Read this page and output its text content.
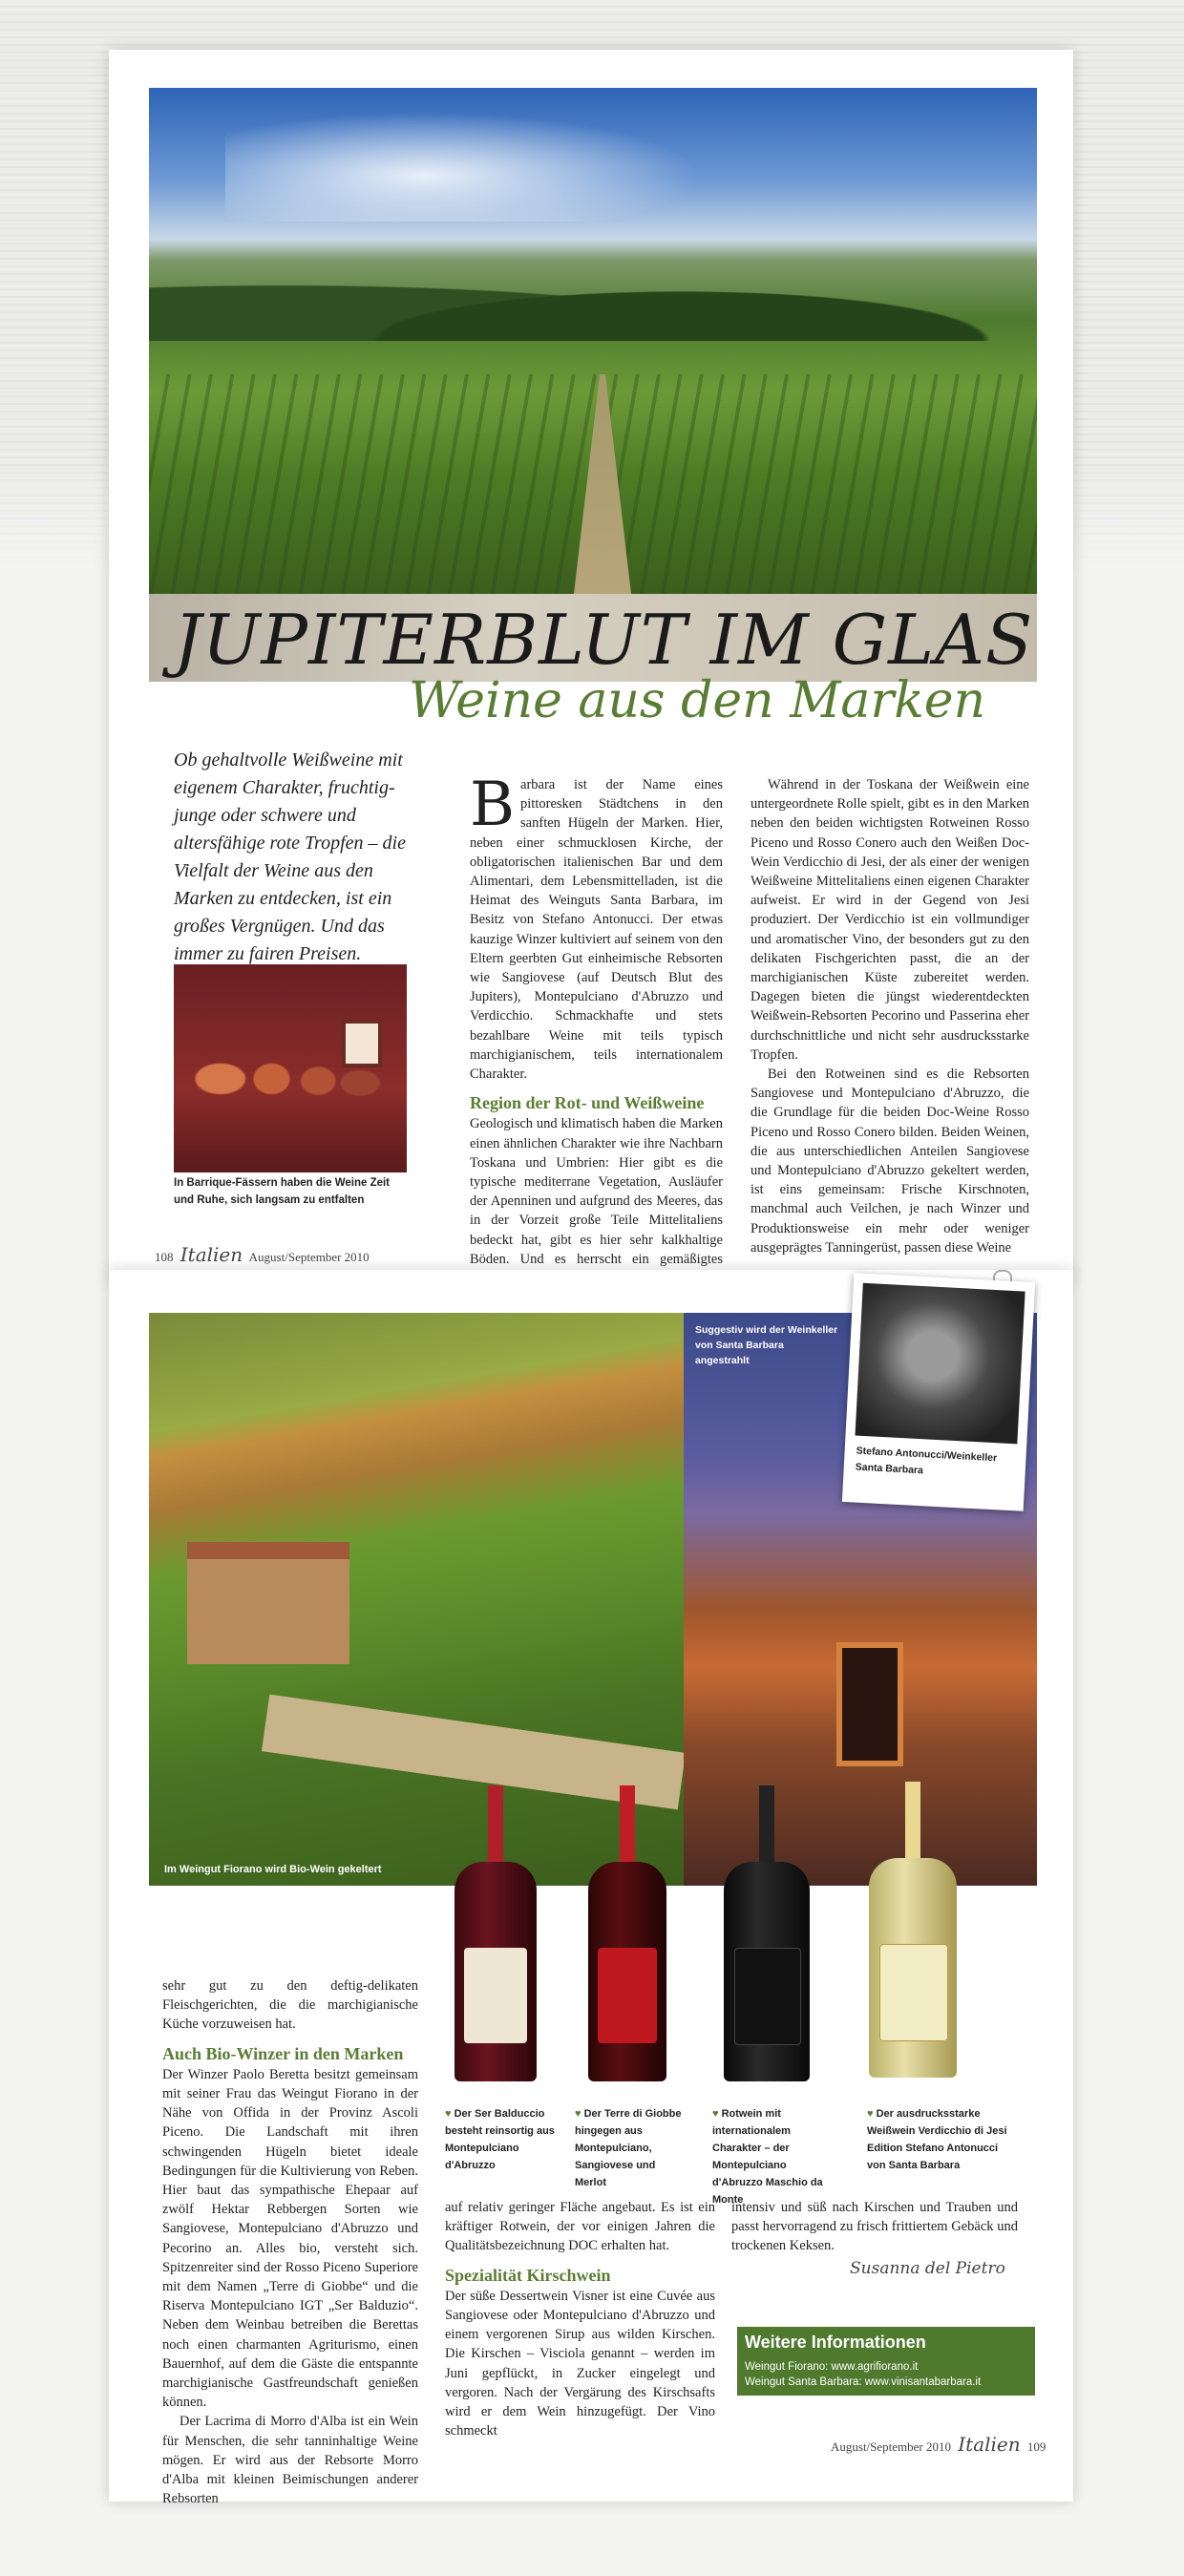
JUPITERBLUT IM GLAS
Weine aus den Marken
Ob gehaltvolle Weißweine mit eigenem Charakter, fruchtig-junge oder schwere und altersfähige rote Tropfen – die Vielfalt der Weine aus den Marken zu entdecken, ist ein großes Vergnügen. Und das immer zu fairen Preisen.
In Barrique-Fässern haben die Weine Zeit und Ruhe, sich langsam zu entfalten
108 Italien August/September 2010

Barbara ist der Name eines pittoresken Städtchens in den sanften Hügeln der Marken. Hier, neben einer schmucklosen Kirche, der obligatorischen italienischen Bar und dem Alimentari, dem Lebensmittelladen, ist die Heimat des Weinguts Santa Barbara, im Besitz von Stefano Antonucci. Der etwas kauzige Winzer kultiviert auf seinem von den Eltern geerbten Gut einheimische Rebsorten wie Sangiovese (auf Deutsch Blut des Jupiters), Montepulciano d'Abruzzo und Verdicchio. Schmackhafte und stets bezahlbare Weine mit teils typisch marchigianischem, teils internationalem Charakter.

Region der Rot- und Weißweine

Geologisch und klimatisch haben die Marken einen ähnlichen Charakter wie ihre Nachbarn Toskana und Umbrien: Hier gibt es die typische mediterrane Vegetation, Ausläufer der Apenninen und aufgrund des Meeres, das in der Vorzeit große Teile Mittelitaliens bedeckt hat, gibt es hier sehr kalkhaltige Böden. Und es herrscht ein gemäßigtes

Während in der Toskana der Weißwein eine untergeordnete Rolle spielt, gibt es in den Marken neben den beiden wichtigsten Rotweinen Rosso Piceno und Rosso Conero auch den Weißen Doc-Wein Verdicchio di Jesi, der als einer der wenigen Weißweine Mittelitaliens einen eigenen Charakter aufweist. Er wird in der Gegend von Jesi produziert. Der Verdicchio ist ein vollmundiger und aromatischer Vino, der besonders gut zu den delikaten Fischgerichten passt, die an der marchigianischen Küste zubereitet werden. Dagegen bieten die jüngst wiederentdeckten Weißwein-Rebsorten Pecorino und Passerina eher durchschnittliche und nicht sehr ausdrucksstarke Tropfen.

Bei den Rotweinen sind es die Rebsorten Sangiovese und Montepulciano d'Abruzzo, die die Grundlage für die beiden Doc-Weine Rosso Piceno und Rosso Conero bilden. Beiden Weinen, die aus unterschiedlichen Anteilen Sangiovese und Montepulciano d'Abruzzo gekeltert werden, ist eins gemeinsam: Frische Kirschnoten, manchmal auch Veilchen, je nach Winzer und Produktionsweise ein mehr oder weniger ausgeprägtes Tanningerüst, passen diese Weine

Im Weingut Fiorano wird Bio-Wein gekeltert
Suggestiv wird der Weinkeller von Santa Barbara angestrahlt
Stefano Antonucci/Weinkeller Santa Barbara
♥ Der Ser Balduccio besteht reinsortig aus Montepulciano d'Abruzzo
♥ Der Terre di Giobbe hingegen aus Montepulciano, Sangiovese und Merlot
♥ Rotwein mit internationalem Charakter – der Montepulciano d'Abruzzo Maschio da Monte
♥ Der ausdrucksstarke Weißwein Verdicchio di Jesi Edition Stefano Antonucci von Santa Barbara

sehr gut zu den deftig-delikaten Fleischgerichten, die die marchigianische Küche vorzuweisen hat.

Auch Bio-Winzer in den Marken

Der Winzer Paolo Beretta besitzt gemeinsam mit seiner Frau das Weingut Fiorano in der Nähe von Offida in der Provinz Ascoli Piceno. Die Landschaft mit ihren schwingenden Hügeln bietet ideale Bedingungen für die Kultivierung von Reben. Hier baut das sympathische Ehepaar auf zwölf Hektar Rebbergen Sorten wie Sangiovese, Montepulciano d'Abruzzo und Pecorino an. Alles bio, versteht sich. Spitzenreiter sind der Rosso Piceno Superiore mit dem Namen „Terre di Giobbe“ und die Riserva Montepulciano IGT „Ser Balduzio“. Neben dem Weinbau betreiben die Berettas noch einen charmanten Agriturismo, einen Bauernhof, auf dem die Gäste die entspannte marchigianische Gastfreundschaft genießen können.

Der Lacrima di Morro d'Alba ist ein Wein für Menschen, die sehr tanninhaltige Weine mögen. Er wird aus der Rebsorte Morro d'Alba mit kleinen Beimischungen anderer Rebsorten

auf relativ geringer Fläche angebaut. Es ist ein kräftiger Rotwein, der vor einigen Jahren die Qualitätsbezeichnung DOC erhalten hat.

Spezialität Kirschwein

Der süße Dessertwein Visner ist eine Cuvée aus Sangiovese oder Montepulciano d'Abruzzo und einem vergorenen Sirup aus wilden Kirschen. Die Kirschen – Visciola genannt – werden im Juni gepflückt, in Zucker eingelegt und vergoren. Nach der Vergärung des Kirschsafts wird er dem Wein hinzugefügt. Der Vino schmeckt

intensiv und süß nach Kirschen und Trauben und passt hervorragend zu frisch frittiertem Gebäck und trockenen Keksen.

Susanna del Pietro
Weitere Informationen
Weingut Fiorano: www.agrifiorano.it
Weingut Santa Barbara: www.vinisantabarbara.it
August/September 2010 Italien 109
